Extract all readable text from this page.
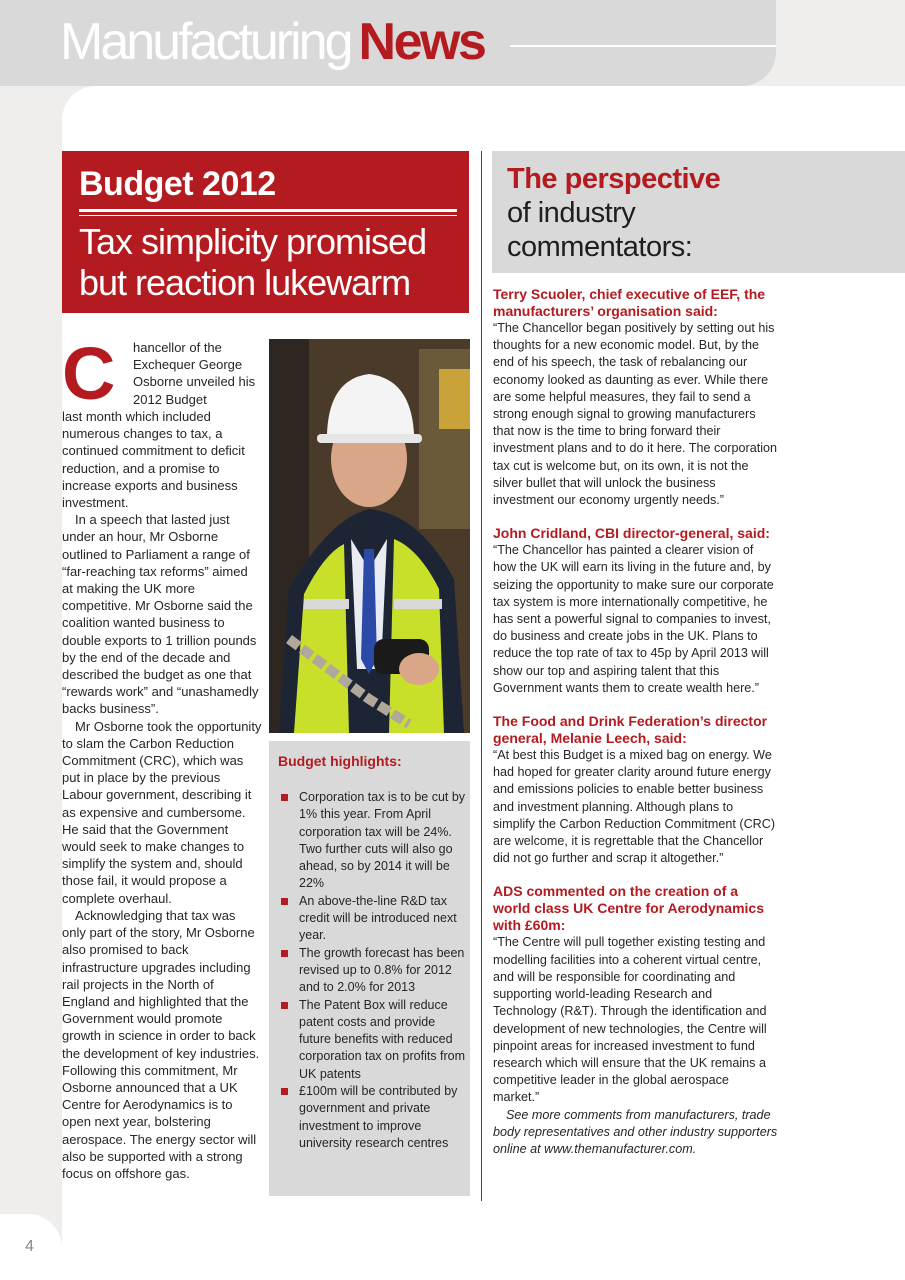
Manufacturing News
4
Budget 2012
Tax simplicity promised but reaction lukewarm
The perspective
of industry commentators:
C hancellor of the Exchequer George Osborne unveiled his 2012 Budget

last month which included numerous changes to tax, a continued commitment to deficit reduction, and a promise to increase exports and business investment.

In a speech that lasted just under an hour, Mr Osborne outlined to Parliament a range of “far-reaching tax reforms” aimed at making the UK more competitive. Mr Osborne said the coalition wanted business to double exports to 1 trillion pounds by the end of the decade and described the budget as one that “rewards work” and “unashamedly backs business”.

Mr Osborne took the opportunity to slam the Carbon Reduction Commitment (CRC), which was put in place by the previous Labour government, describing it as expensive and cumbersome. He said that the Government would seek to make changes to simplify the system and, should those fail, it would propose a complete overhaul.

Acknowledging that tax was only part of the story, Mr Osborne also promised to back infrastructure upgrades including rail projects in the North of England and highlighted that the Government would promote growth in science in order to back the development of key industries. Following this commitment, Mr Osborne announced that a UK Centre for Aerodynamics is to open next year, bolstering aerospace. The energy sector will also be supported with a strong focus on offshore gas.

Budget highlights:
Corporation tax is to be cut by 1% this year. From April corporation tax will be 24%. Two further cuts will also go ahead, so by 2014 it will be 22%
An above-the-line R&D tax credit will be introduced next year.
The growth forecast has been revised up to 0.8% for 2012 and to 2.0% for 2013
The Patent Box will reduce patent costs and provide future benefits with reduced corporation tax on profits from UK patents
£100m will be contributed by government and private investment to improve university research centres
Terry Scuoler, chief executive of EEF, the manufacturers’ organisation said:
“The Chancellor began positively by setting out his thoughts for a new economic model. But, by the end of his speech, the task of rebalancing our economy looked as daunting as ever. While there are some helpful measures, they fail to send a strong enough signal to growing manufacturers that now is the time to bring forward their investment plans and to do it here. The corporation tax cut is welcome but, on its own, it is not the silver bullet that will unlock the business investment our economy urgently needs.”
John Cridland, CBI director-general, said:
“The Chancellor has painted a clearer vision of how the UK will earn its living in the future and, by seizing the opportunity to make sure our corporate tax system is more internationally competitive, he has sent a powerful signal to companies to invest, do business and create jobs in the UK. Plans to reduce the top rate of tax to 45p by April 2013 will show our top and aspiring talent that this Government wants them to create wealth here.”
The Food and Drink Federation’s director general, Melanie Leech, said:
“At best this Budget is a mixed bag on energy. We had hoped for greater clarity around future energy and emissions policies to enable better business and investment planning. Although plans to simplify the Carbon Reduction Commitment (CRC) are welcome, it is regrettable that the Chancellor did not go further and scrap it altogether.”
ADS commented on the creation of a world class UK Centre for Aerodynamics with £60m:
“The Centre will pull together existing testing and modelling facilities into a coherent virtual centre, and will be responsible for coordinating and supporting world-leading Research and Technology (R&T). Through the identification and development of new technologies, the Centre will pinpoint areas for increased investment to fund research which will ensure that the UK remains a competitive leader in the global aerospace market.”
See more comments from manufacturers, trade body representatives and other industry supporters online at www.themanufacturer.com.
